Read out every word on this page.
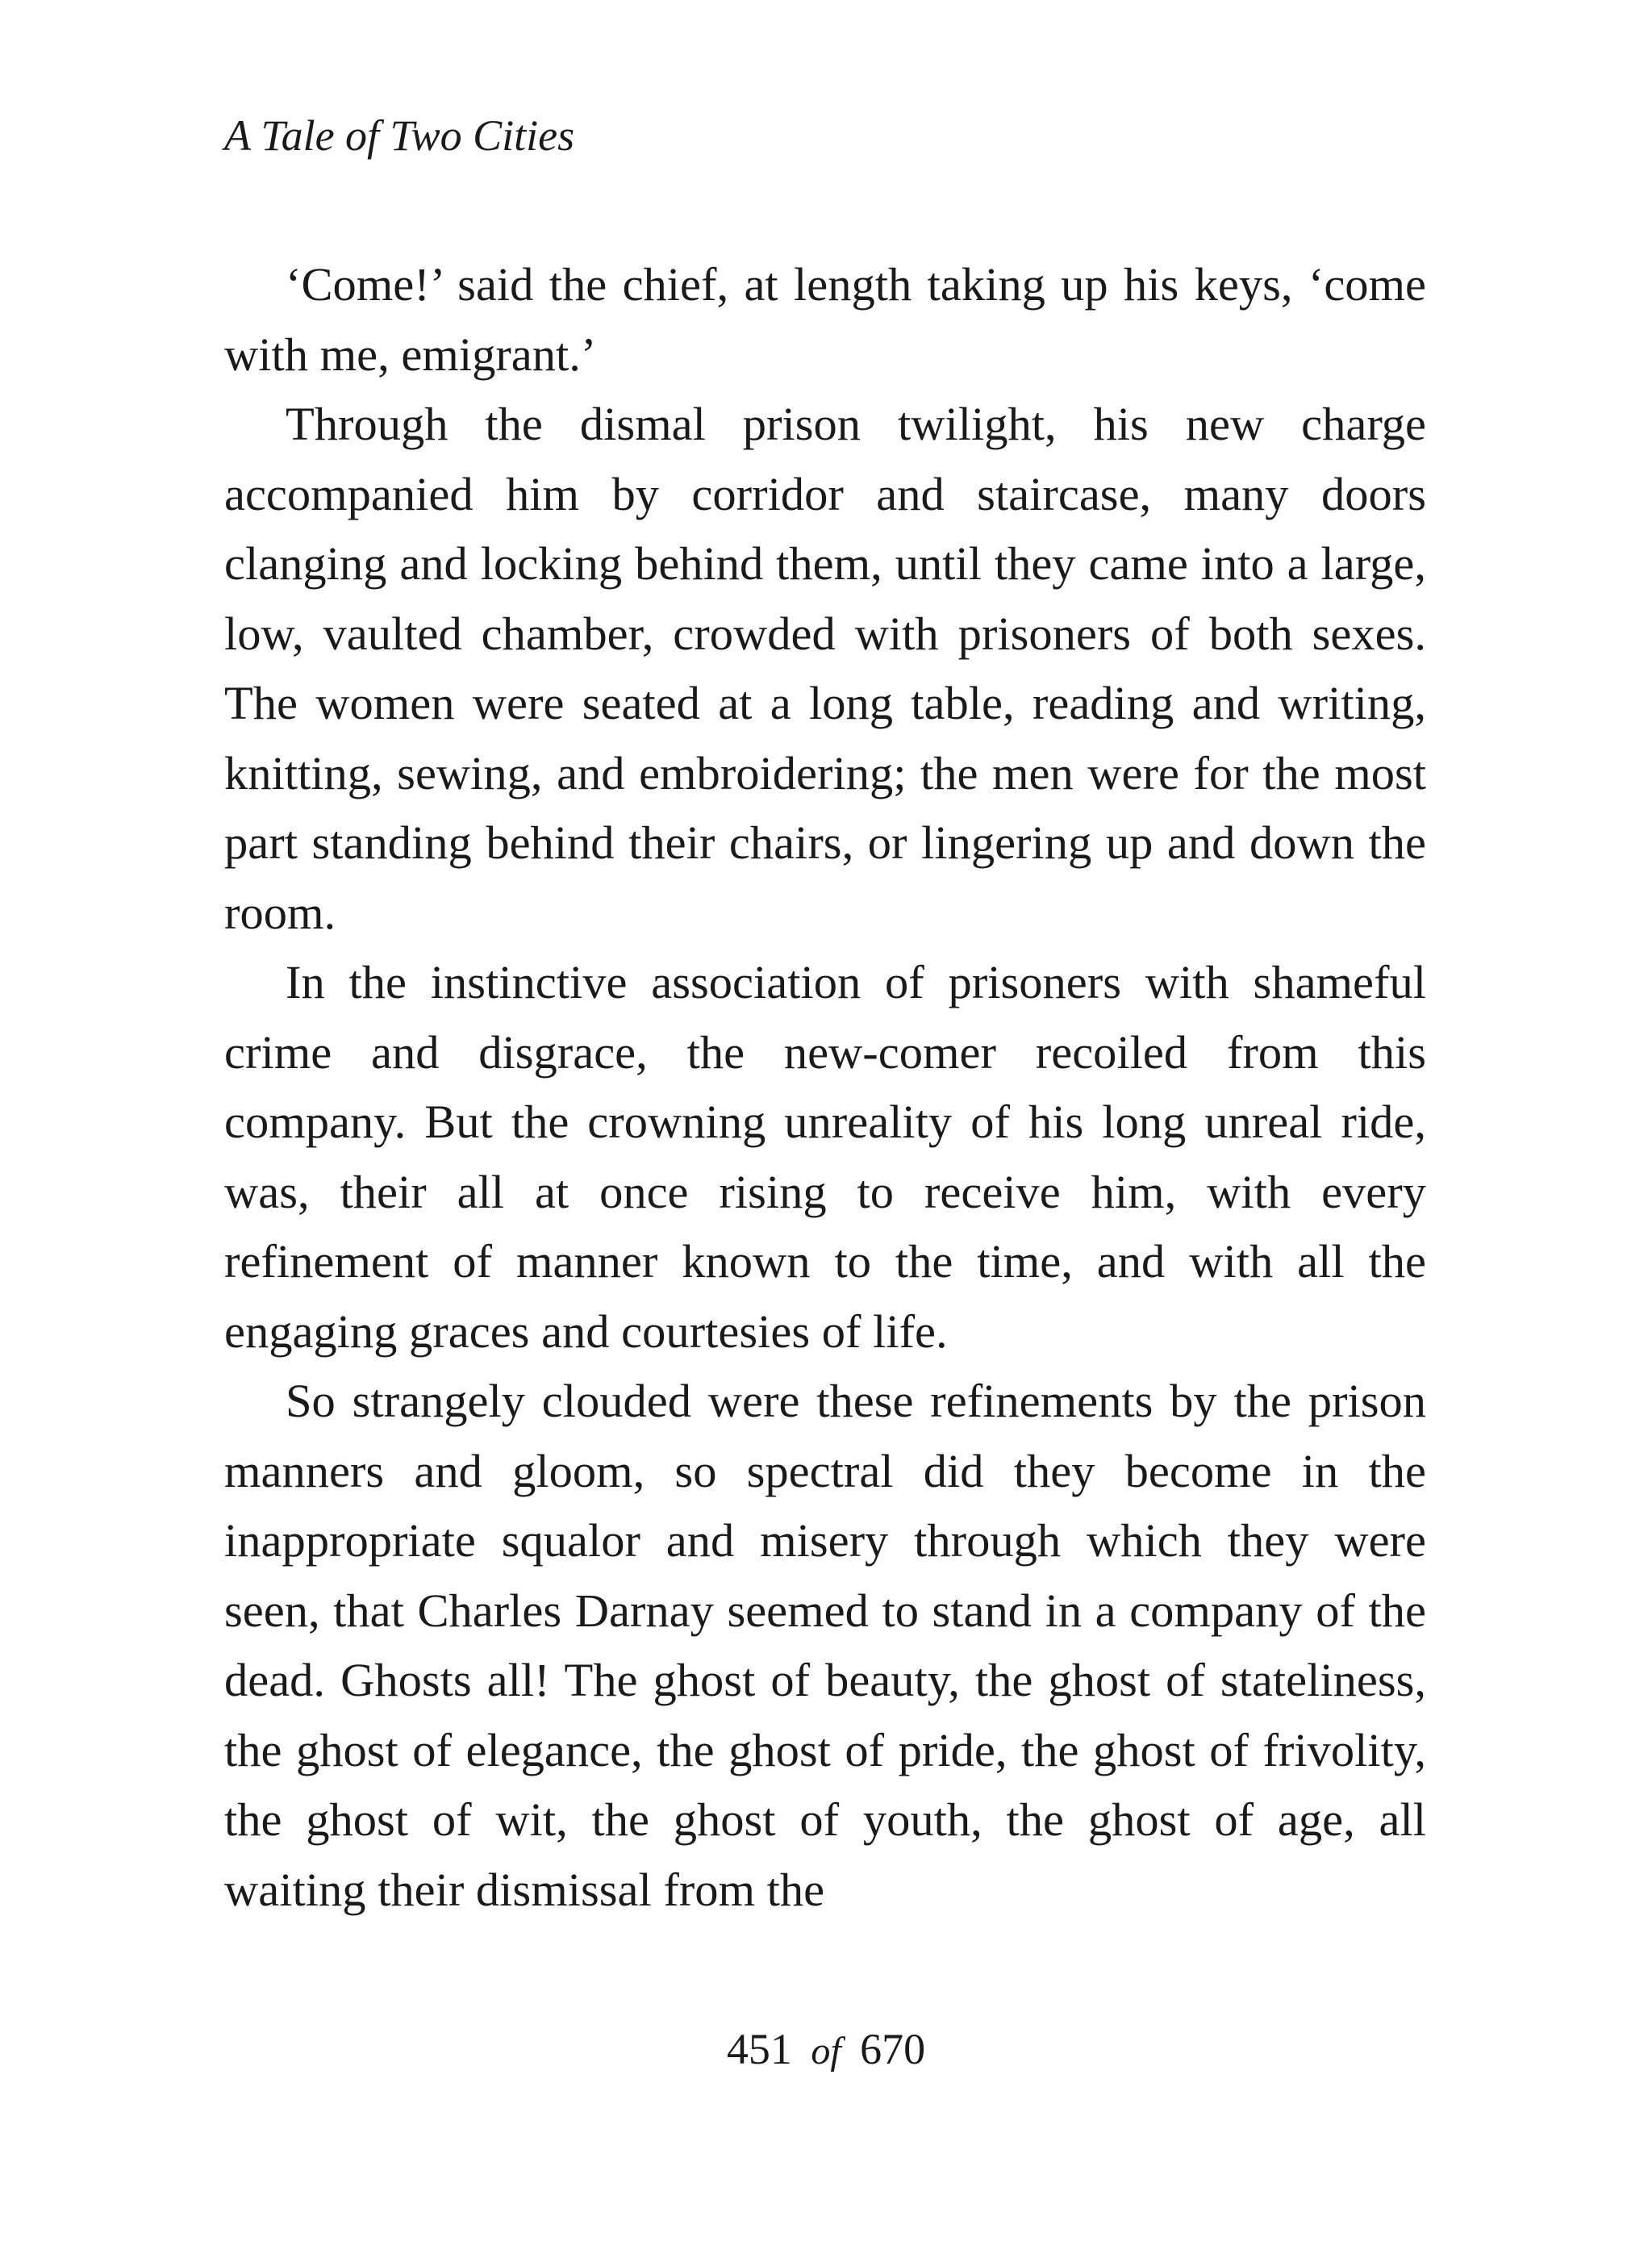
A Tale of Two Cities

‘Come!’ said the chief, at length taking up his keys, ‘come with me, emigrant.’

Through the dismal prison twilight, his new charge accompanied him by corridor and staircase, many doors clanging and locking behind them, until they came into a large, low, vaulted chamber, crowded with prisoners of both sexes. The women were seated at a long table, reading and writing, knitting, sewing, and embroidering; the men were for the most part standing behind their chairs, or lingering up and down the room.

In the instinctive association of prisoners with shameful crime and disgrace, the new-comer recoiled from this company. But the crowning unreality of his long unreal ride, was, their all at once rising to receive him, with every refinement of manner known to the time, and with all the engaging graces and courtesies of life.

So strangely clouded were these refinements by the prison manners and gloom, so spectral did they become in the inappropriate squalor and misery through which they were seen, that Charles Darnay seemed to stand in a company of the dead. Ghosts all! The ghost of beauty, the ghost of stateliness, the ghost of elegance, the ghost of pride, the ghost of frivolity, the ghost of wit, the ghost of youth, the ghost of age, all waiting their dismissal from the

451 of 670
